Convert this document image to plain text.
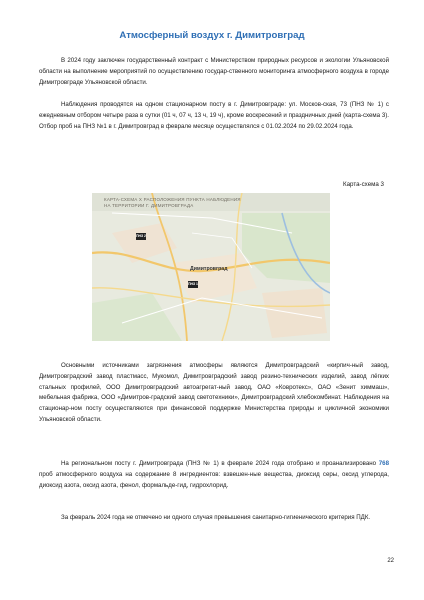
Атмосферный воздух г. Димитровград
В 2024 году заключен государственный контракт с Министерством природных ресурсов и экологии Ульяновской области на выполнение мероприятий по осуществлению государ-ственного мониторинга атмосферного воздуха в городе Димитровграде Ульяновской области.
Наблюдения проводятся на одном стационарном посту в г. Димитровграде: ул. Москов-ская, 73 (ПНЗ № 1) с ежедневным отбором четыре раза в сутки (01 ч, 07 ч, 13 ч, 19 ч), кроме воскресений и праздничных дней (карта-схема 3). Отбор проб на ПНЗ №1 в г. Димитровград в феврале месяце осуществлялся с 01.02.2024 по 29.02.2024 года.
Карта-схема 3
КАРТА-СХЕМА Х РАСПОЛОЖЕНИЯ ПУНКТА НАБЛЮДЕНИЯ
НА ТЕРРИТОРИИ Г. ДИМИТРОВГРАДА
ПНЗ 2
ПНЗ 1
Димитровград
Основными источниками загрязнения атмосферы являются Димитровградский «кирпич-ный завод, Димитровградский завод пластмасс, Мукомол, Димитровградский завод резино-технических изделий, завод лёгких стальных профилей, ООО Димитровградский автоагрегат-ный завод, ОАО «Ковротекс», ОАО «Зенит химмаш», мебельная фабрика, ООО «Димитров-градский завод светотехники», Димитровградский хлебокомбинат. Наблюдения на стационар-ном посту осуществляются при финансовой поддержке Министерства природы и цикличной экономики Ульяновской области.
На региональном посту г. Димитровграда (ПНЗ № 1) в феврале 2024 года отобрано и проанализировано 768 проб атмосферного воздуха на содержание 8 ингредиентов: взвешен-ные вещества, диоксид серы, оксид углерода, диоксид азота, оксид азота, фенол, формальде-гид, гидрохлорид.
За февраль 2024 года не отмечено ни одного случая превышения санитарно-гигиенического критерия ПДК.
22
